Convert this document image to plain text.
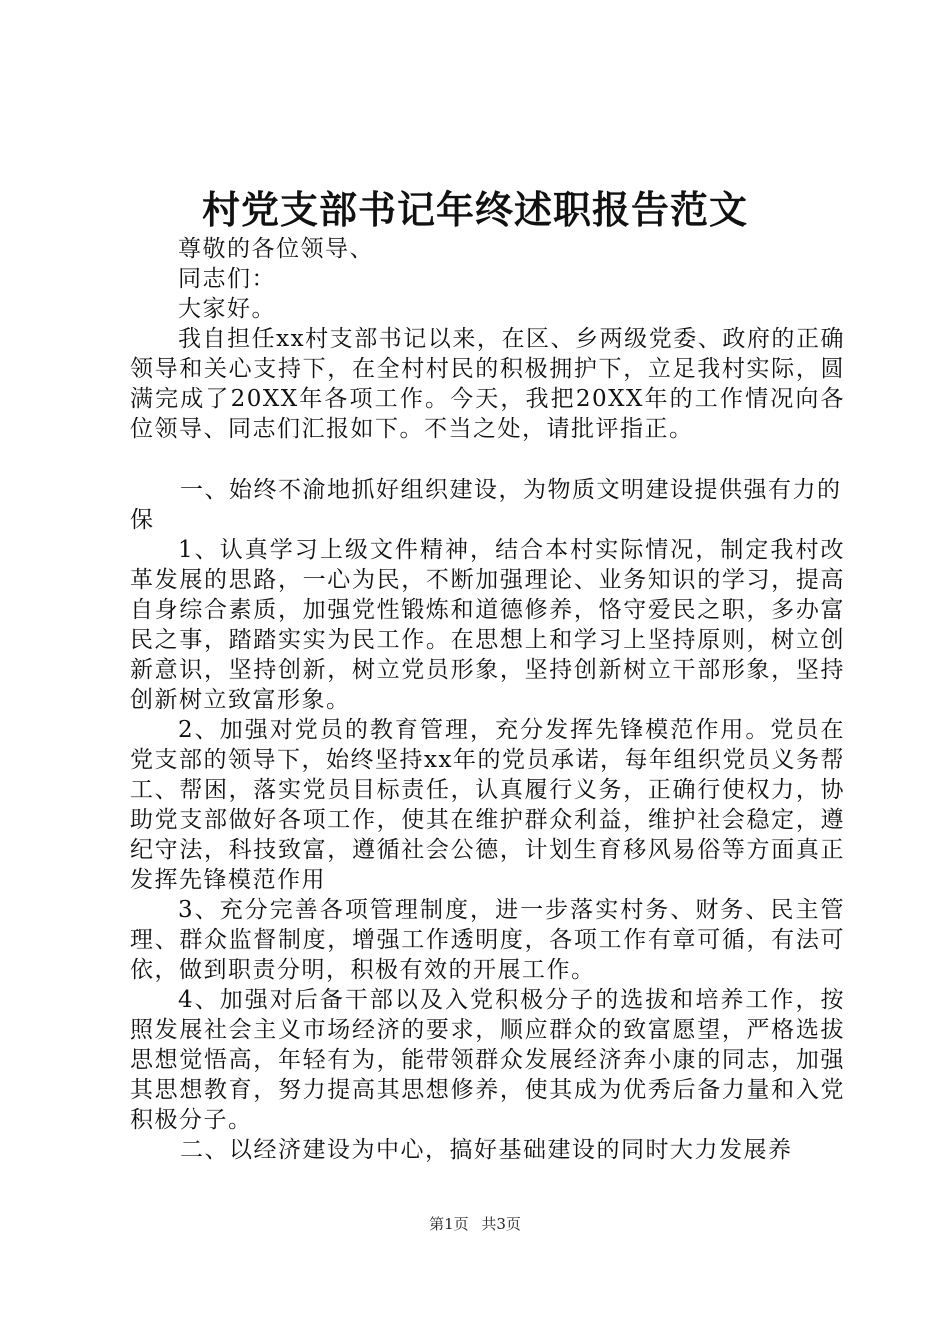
村党支部书记年终述职报告范文

尊敬的各位领导、

同志们：

大家好。

我自担任xx村支部书记以来，在区、乡两级党委、政府的正确领导和关心支持下，在全村村民的积极拥护下，立足我村实际，圆满完成了20XX年各项工作。今天，我把20XX年的工作情况向各位领导、同志们汇报如下。不当之处，请批评指正。

一、始终不渝地抓好组织建设，为物质文明建设提供强有力的保

1、认真学习上级文件精神，结合本村实际情况，制定我村改革发展的思路，一心为民，不断加强理论、业务知识的学习，提高自身综合素质，加强党性锻炼和道德修养，恪守爱民之职，多办富民之事，踏踏实实为民工作。在思想上和学习上坚持原则，树立创新意识，坚持创新，树立党员形象，坚持创新树立干部形象，坚持创新树立致富形象。

2、加强对党员的教育管理，充分发挥先锋模范作用。党员在党支部的领导下，始终坚持xx年的党员承诺，每年组织党员义务帮工、帮困，落实党员目标责任，认真履行义务，正确行使权力，协助党支部做好各项工作，使其在维护群众利益，维护社会稳定，遵纪守法，科技致富，遵循社会公德，计划生育移风易俗等方面真正发挥先锋模范作用

3、充分完善各项管理制度，进一步落实村务、财务、民主管理、群众监督制度，增强工作透明度，各项工作有章可循，有法可依，做到职责分明，积极有效的开展工作。

4、加强对后备干部以及入党积极分子的选拔和培养工作，按照发展社会主义市场经济的要求，顺应群众的致富愿望，严格选拔思想觉悟高，年轻有为，能带领群众发展经济奔小康的同志，加强其思想教育，努力提高其思想修养，使其成为优秀后备力量和入党积极分子。

二、以经济建设为中心，搞好基础建设的同时大力发展养

第1页 共3页
